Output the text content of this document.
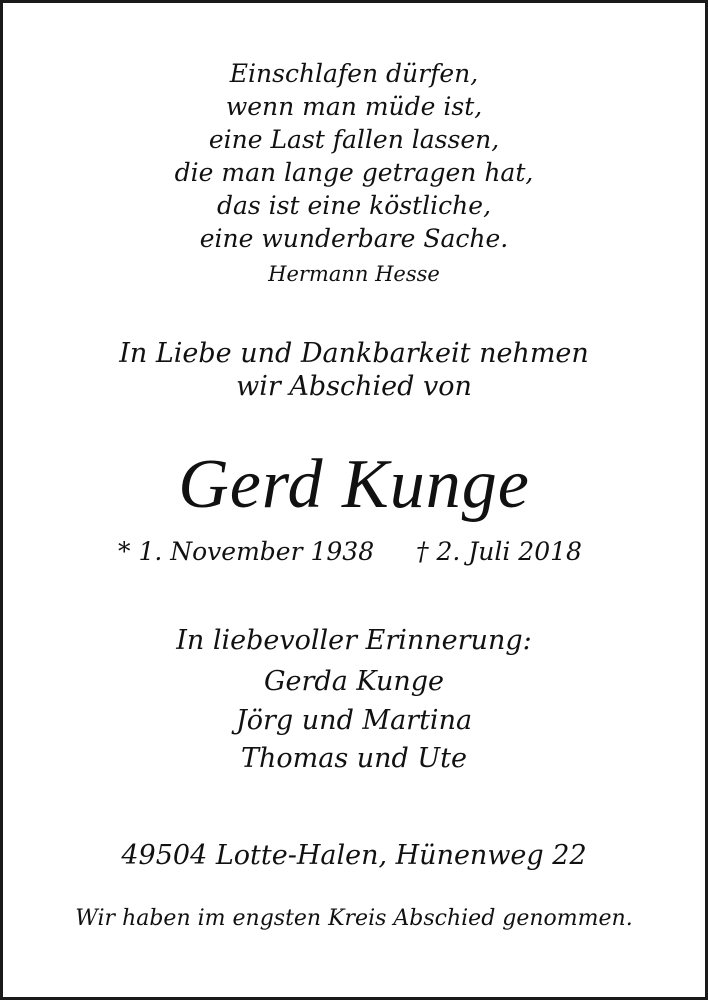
Einschlafen dürfen,
wenn man müde ist,
eine Last fallen lassen,
die man lange getragen hat,
das ist eine köstliche,
eine wunderbare Sache.
Hermann Hesse
In Liebe und Dankbarkeit nehmen
wir Abschied von
Gerd Kunge
* 1. November 1938 † 2. Juli 2018
In liebevoller Erinnerung:
Gerda Kunge
Jörg und Martina
Thomas und Ute
49504 Lotte-Halen, Hünenweg 22
Wir haben im engsten Kreis Abschied genommen.
